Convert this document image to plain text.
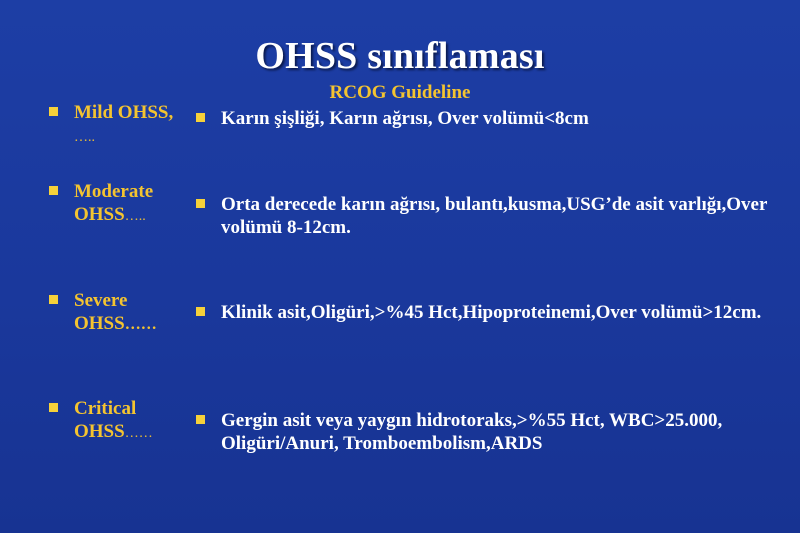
OHSS sınıflaması
RCOG Guideline
Mild OHSS,
…..
Karın şişliği, Karın ağrısı, Over volümü<8cm
Moderate
OHSS…..
Orta derecede karın ağrısı, bulantı,kusma,USG’de asit varlığı,Over volümü 8-12cm.
Severe
OHSS……
Klinik asit,Oligüri,>%45 Hct,Hipoproteinemi,Over volümü>12cm.
Critical
OHSS……
Gergin asit veya yaygın hidrotoraks,>%55 Hct, WBC>25.000, Oligüri/Anuri, Tromboembolism,ARDS
